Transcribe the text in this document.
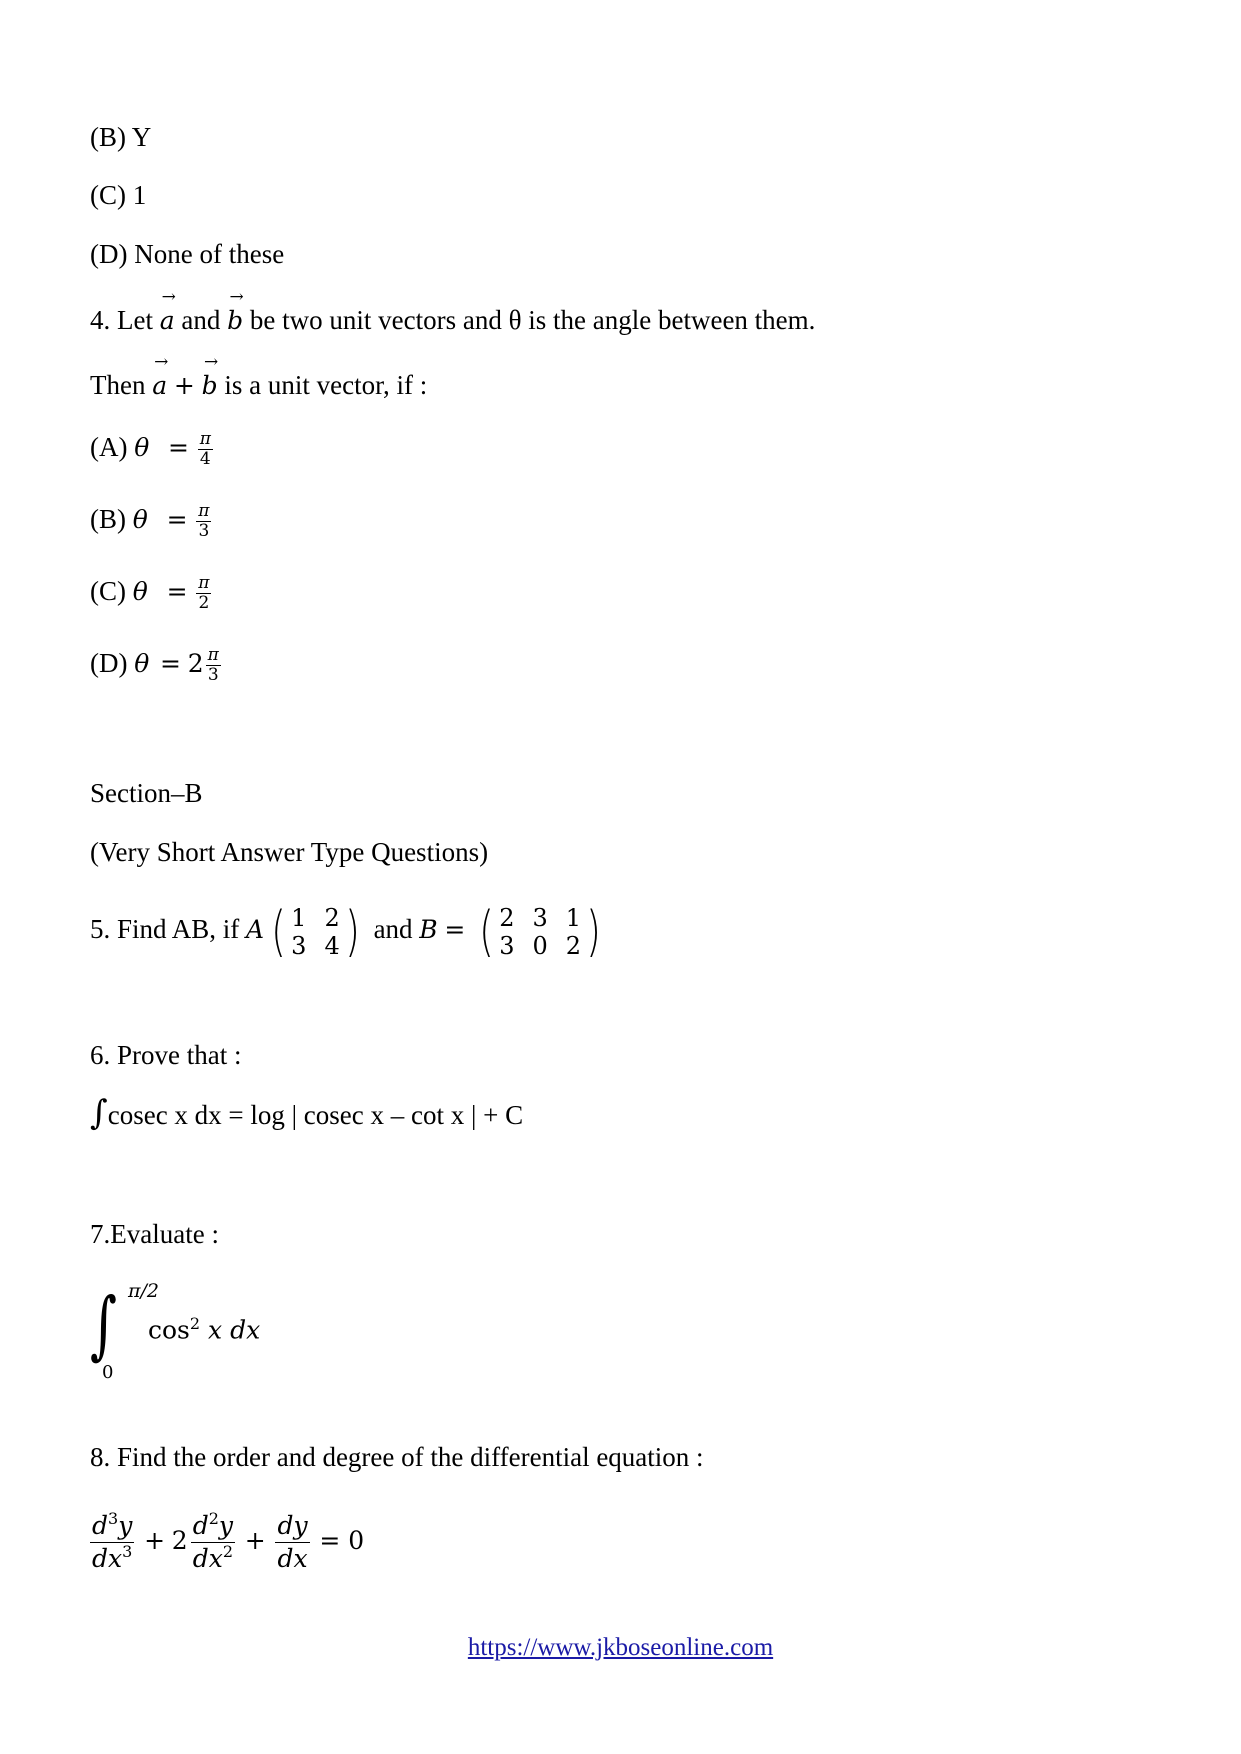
(B) Y
(C) 1
(D) None of these
4. Let
→
a and
→
b be two unit vectors and θ is the angle between them.
Then
→
a +
→
b is a unit vector, if :
(A) $\theta = \frac{\pi}{4}$
(B) $\theta = \frac{\pi}{3}$
(C) $\theta = \frac{\pi}{2}$
(D) $\theta = 2 \frac{\pi}{3}$
Section–B
(Very Short Answer Type Questions)
5. Find AB, if A ( 1 2
3 4 ) and B = ( 2 3 1
3 0 2 )
6. Prove that :
∫cosec x dx = log | cosec x – cot x | + C
7.Evaluate :
∫ π/2
0
$\cos^2 x$ dx
8. Find the order and degree of the differential equation :
$\frac{d^3y}{dx^3} + 2 \frac{d^2y}{dx^2} + \frac{dy}{dx} = 0$
https://www.jkboseonline.com
